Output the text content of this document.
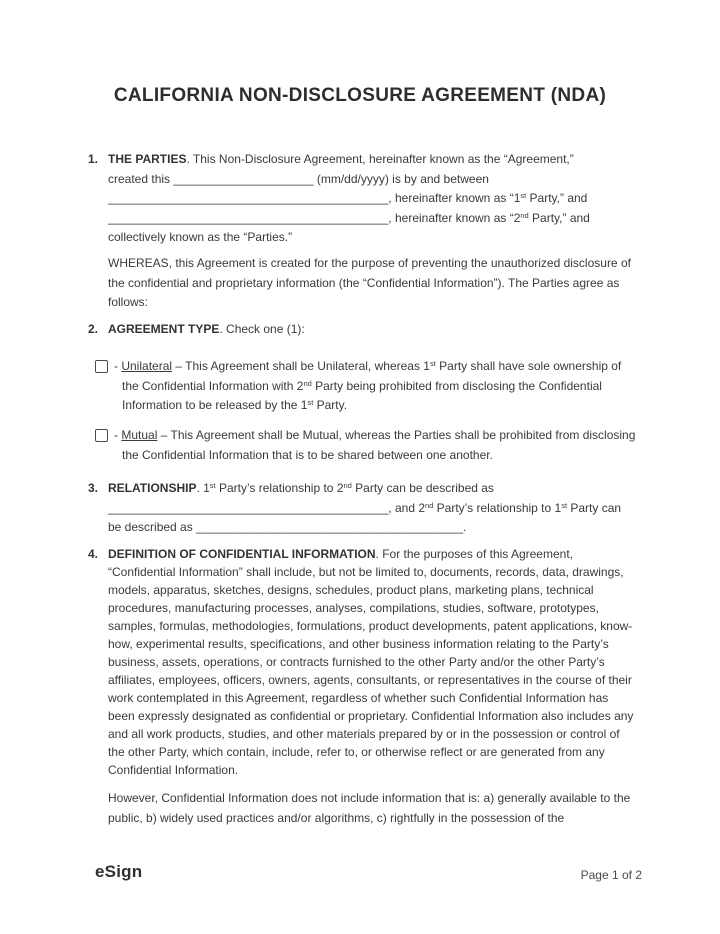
CALIFORNIA NON-DISCLOSURE AGREEMENT (NDA)
1. THE PARTIES. This Non-Disclosure Agreement, hereinafter known as the “Agreement,”
created this _____________________ (mm/dd/yyyy) is by and between
__________________________________________, hereinafter known as “1st Party,” and
__________________________________________, hereinafter known as “2nd Party,” and
collectively known as the “Parties.”

WHEREAS, this Agreement is created for the purpose of preventing the unauthorized disclosure of the confidential and proprietary information (the “Confidential Information”). The Parties agree as follows:

2. AGREEMENT TYPE. Check one (1):
- Unilateral – This Agreement shall be Unilateral, whereas 1st Party shall have sole ownership of the Confidential Information with 2nd Party being prohibited from disclosing the Confidential Information to be released by the 1st Party.
- Mutual – This Agreement shall be Mutual, whereas the Parties shall be prohibited from disclosing the Confidential Information that is to be shared between one another.
3. RELATIONSHIP. 1st Party’s relationship to 2nd Party can be described as
__________________________________________, and 2nd Party’s relationship to 1st Party can
be described as ________________________________________.
4. DEFINITION OF CONFIDENTIAL INFORMATION. For the purposes of this Agreement, “Confidential Information” shall include, but not be limited to, documents, records, data, drawings, models, apparatus, sketches, designs, schedules, product plans, marketing plans, technical procedures, manufacturing processes, analyses, compilations, studies, software, prototypes, samples, formulas, methodologies, formulations, product developments, patent applications, know-how, experimental results, specifications, and other business information relating to the Party’s business, assets, operations, or contracts furnished to the other Party and/or the other Party’s affiliates, employees, officers, owners, agents, consultants, or representatives in the course of their work contemplated in this Agreement, regardless of whether such Confidential Information has been expressly designated as confidential or proprietary. Confidential Information also includes any and all work products, studies, and other materials prepared by or in the possession or control of the other Party, which contain, include, refer to, or otherwise reflect or are generated from any Confidential Information.

However, Confidential Information does not include information that is: a) generally available to the public, b) widely used practices and/or algorithms, c) rightfully in the possession of the

eSign	Page 1 of 2
